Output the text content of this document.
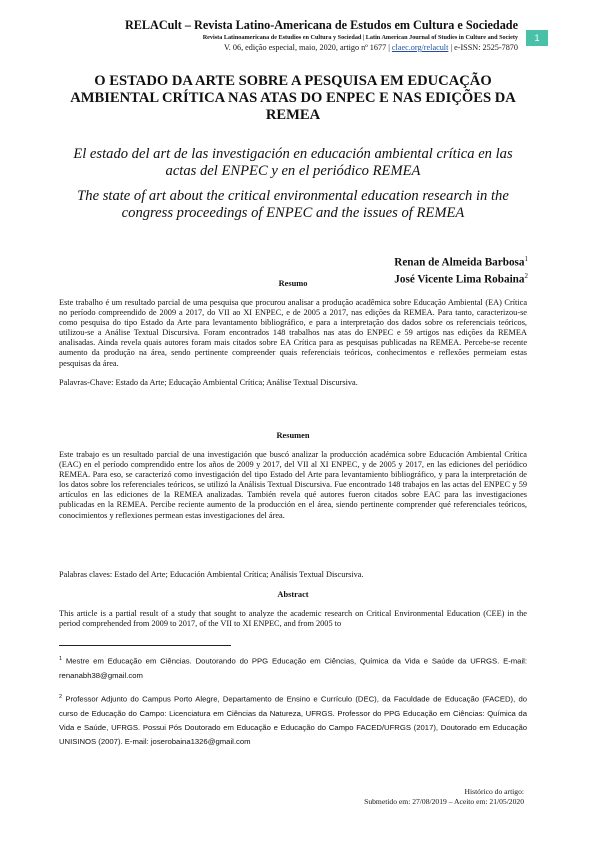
RELACult – Revista Latino-Americana de Estudos em Cultura e Sociedade
Revista Latinoamericana de Estudios en Cultura y Sociedad | Latin American Journal of Studies in Culture and Society
V. 06, edição especial, maio, 2020, artigo nº 1677 | claec.org/relacult | e-ISSN: 2525-7870
1
O ESTADO DA ARTE SOBRE A PESQUISA EM EDUCAÇÃO AMBIENTAL CRÍTICA NAS ATAS DO ENPEC E NAS EDIÇÕES DA REMEA
El estado del art de las investigación en educación ambiental crítica en las actas del ENPEC y en el periódico REMEA
The state of art about the critical environmental education research in the congress proceedings of ENPEC and the issues of REMEA
Renan de Almeida Barbosa$^1$
José Vicente Lima Robaina$^2$
Resumo

Este trabalho é um resultado parcial de uma pesquisa que procurou analisar a produção acadêmica sobre Educação Ambiental (EA) Crítica no período compreendido de 2009 a 2017, do VII ao XI ENPEC, e de 2005 a 2017, nas edições da REMEA. Para tanto, caracterizou-se como pesquisa do tipo Estado da Arte para levantamento bibliográfico, e para a interpretação dos dados sobre os referenciais teóricos, utilizou-se a Análise Textual Discursiva. Foram encontrados 148 trabalhos nas atas do ENPEC e 59 artigos nas edições da REMEA analisadas. Ainda revela quais autores foram mais citados sobre EA Crítica para as pesquisas publicadas na REMEA. Percebe-se recente aumento da produção na área, sendo pertinente compreender quais referenciais teóricos, conhecimentos e reflexões permeiam estas pesquisas da área.

Palavras-Chave: Estado da Arte; Educação Ambiental Crítica; Análise Textual Discursiva.

Resumen

Este trabajo es un resultado parcial de una investigación que buscó analizar la producción académica sobre Educación Ambiental Crítica (EAC) en el período comprendido entre los años de 2009 y 2017, del VII al XI ENPEC, y de 2005 y 2017, en las ediciones del periódico REMEA. Para eso, se caracterizó como investigación del tipo Estado del Arte para levantamiento bibliográfico, y para la interpretación de los datos sobre los referenciales teóricos, se utilizó la Análisis Textual Discursiva. Fue encontrado 148 trabajos en las actas del ENPEC y 59 artículos en las ediciones de la REMEA analizadas. También revela qué autores fueron citados sobre EAC para las investigaciones publicadas en la REMEA. Percibe reciente aumento de la producción en el área, siendo pertinente comprender qué referenciales teóricos, conocimientos y reflexiones permean estas investigaciones del área.

Palabras claves: Estado del Arte; Educación Ambiental Crítica; Análisis Textual Discursiva.

Abstract

This article is a partial result of a study that sought to analyze the academic research on Critical Environmental Education (CEE) in the period comprehended from 2009 to 2017, of the VII to XI ENPEC, and from 2005 to

$^1$ Mestre em Educação em Ciências. Doutorando do PPG Educação em Ciências, Química da Vida e Saúde da UFRGS. E-mail: renanabh38@gmail.com
$^2$ Professor Adjunto do Campus Porto Alegre, Departamento de Ensino e Currículo (DEC), da Faculdade de Educação (FACED), do curso de Educação do Campo: Licenciatura em Ciências da Natureza, UFRGS. Professor do PPG Educação em Ciências: Química da Vida e Saúde, UFRGS. Possui Pós Doutorado em Educação e Educação do Campo FACED/UFRGS (2017), Doutorado em Educação UNISINOS (2007). E-mail: joserobaina1326@gmail.com
Histórico do artigo:
Submetido em: 27/08/2019 – Aceito em: 21/05/2020
